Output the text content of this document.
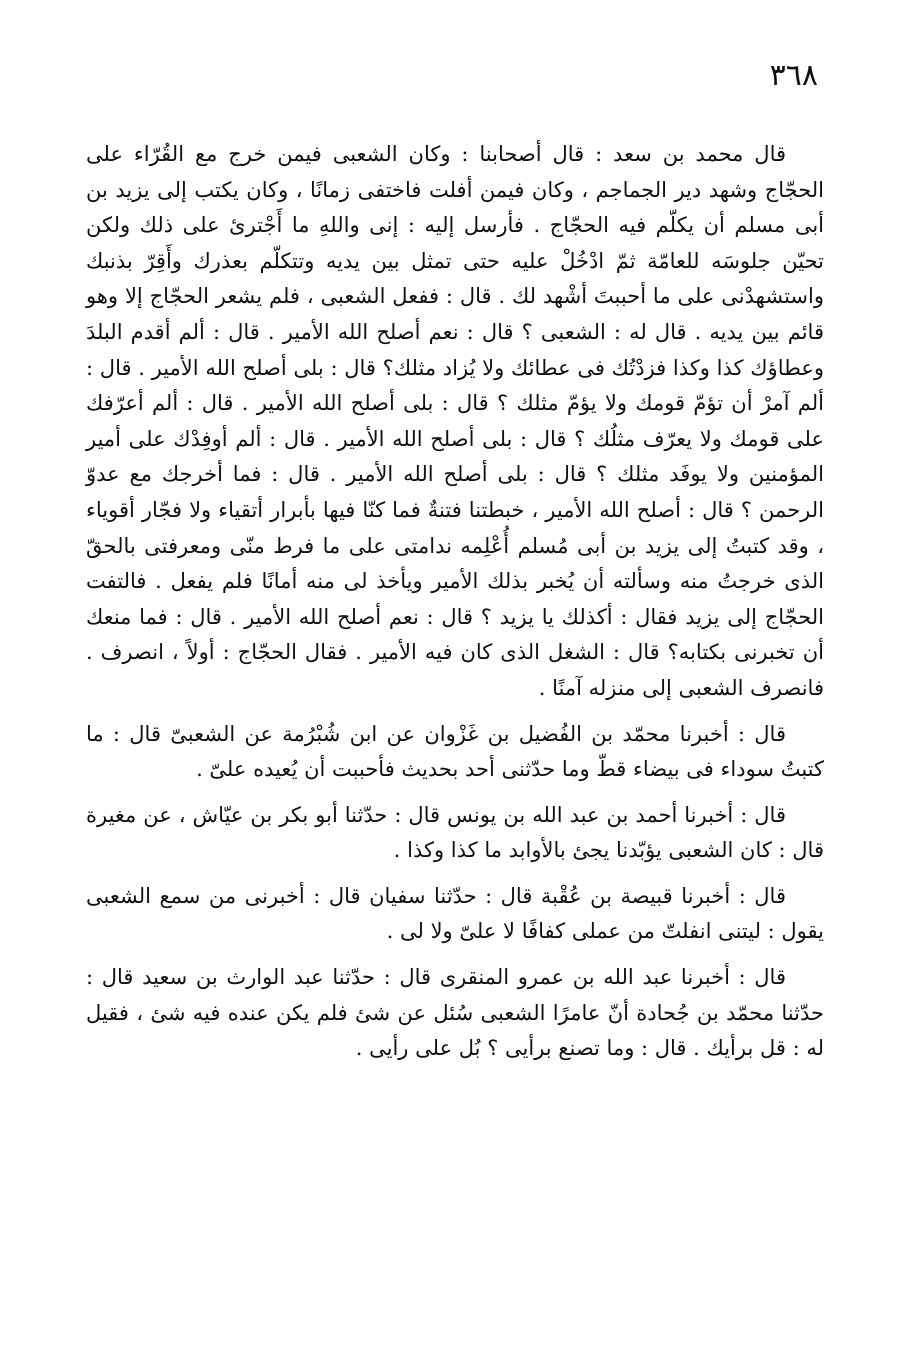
٣٦٨

قال محمد بن سعد : قال أصحابنا : وكان الشعبى فيمن خرج مع القُرّاء على الحجّاج وشهد دير الجماجم ، وكان فيمن أفلت فاختفى زمانًا ، وكان يكتب إلى يزيد بن أبى مسلم أن يكلّم فيه الحجّاج . فأرسل إليه : إنى واللهِ ما أَجْترئ على ذلك ولكن تحيّن جلوسَه للعامّة ثمّ ادْخُلْ عليه حتى تمثل بين يديه وتتكلّم بعذرك وأَقِرّ بذنبك واستشهدْنى على ما أحببتَ أشْهد لك . قال : ففعل الشعبى ، فلم يشعر الحجّاج إلا وهو قائم بين يديه . قال له : الشعبى ؟ قال : نعم أصلح الله الأمير . قال : ألم أقدم البلدَ وعطاؤك كذا وكذا فزدْتُك فى عطائك ولا يُزاد مثلك؟ قال : بلى أصلح الله الأمير . قال : ألم آمرْ أن تؤمّ قومك ولا يؤمّ مثلك ؟ قال : بلى أصلح الله الأمير . قال : ألم أعرّفك على قومك ولا يعرّف مثلُك ؟ قال : بلى أصلح الله الأمير . قال : ألم أوفِدْك على أمير المؤمنين ولا يوفَد مثلك ؟ قال : بلى أصلح الله الأمير . قال : فما أخرجك مع عدوّ الرحمن ؟ قال : أصلح الله الأمير ، خبطتنا فتنةٌ فما كنّا فيها بأبرار أتقياء ولا فجّار أقوياء ، وقد كتبتُ إلى يزيد بن أبى مُسلم أُعْلِمه ندامتى على ما فرط منّى ومعرفتى بالحقّ الذى خرجتُ منه وسألته أن يُخبر بذلك الأمير ويأخذ لى منه أمانًا فلم يفعل . فالتفت الحجّاج إلى يزيد فقال : أكذلك يا يزيد ؟ قال : نعم أصلح الله الأمير . قال : فما منعك أن تخبرنى بكتابه؟ قال : الشغل الذى كان فيه الأمير . فقال الحجّاج : أولاً ، انصرف . فانصرف الشعبى إلى منزله آمنًا .

قال : أخبرنا محمّد بن الفُضيل بن غَزْوان عن ابن شُبْرُمة عن الشعبىّ قال : ما كتبتُ سوداء فى بيضاء قطّ وما حدّثنى أحد بحديث فأحببت أن يُعيده علىّ .

قال : أخبرنا أحمد بن عبد الله بن يونس قال : حدّثنا أبو بكر بن عيّاش ، عن مغيرة قال : كان الشعبى يؤبّدنا يجئ بالأوابد ما كذا وكذا .

قال : أخبرنا قبيصة بن عُقْبة قال : حدّثنا سفيان قال : أخبرنى من سمع الشعبى يقول : ليتنى انفلتّ من عملى كفافًا لا علىّ ولا لى .

قال : أخبرنا عبد الله بن عمرو المنقرى قال : حدّثنا عبد الوارث بن سعيد قال : حدّثنا محمّد بن جُحادة أنّ عامرًا الشعبى سُئل عن شئ فلم يكن عنده فيه شئ ، فقيل له : قل برأيك . قال : وما تصنع برأيى ؟ بُل على رأيى .
